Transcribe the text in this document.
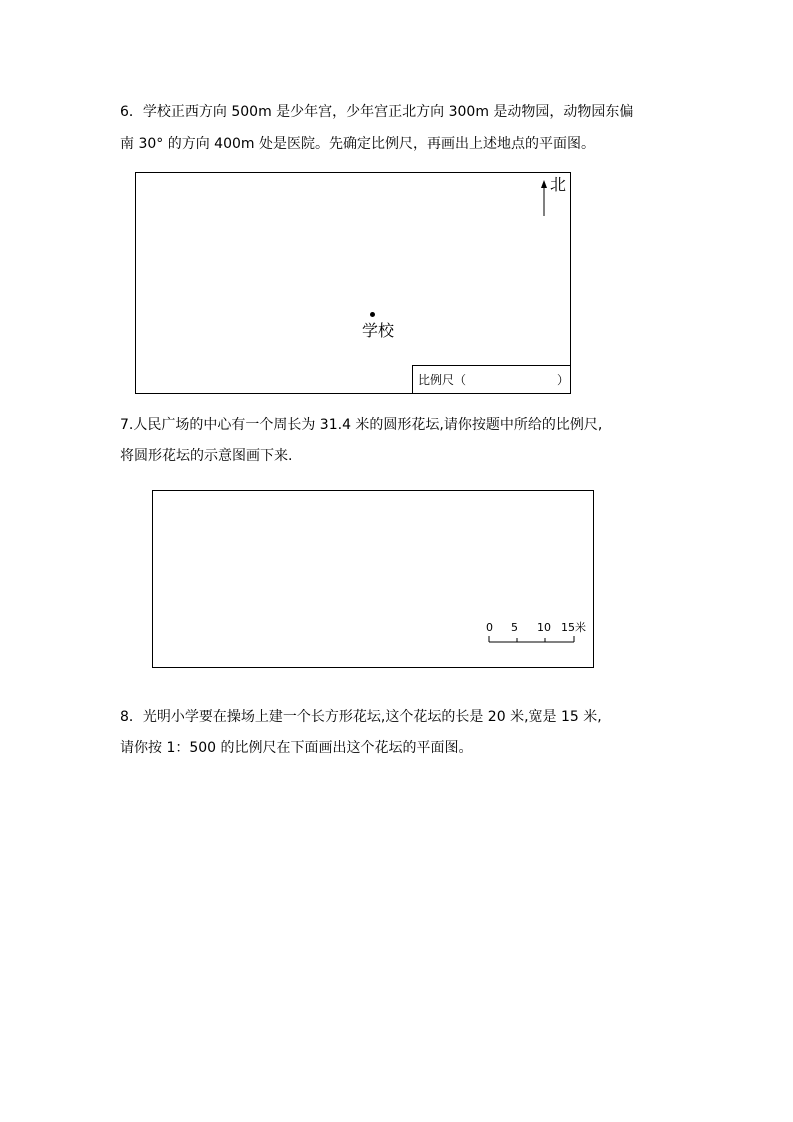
6．学校正西方向 500m 是少年宫，少年宫正北方向 300m 是动物园，动物园东偏
南 30° 的方向 400m 处是医院。先确定比例尺，再画出上述地点的平面图。
北
学校
比例尺（	）
7.人民广场的中心有一个周长为 31.4 米的圆形花坛,请你按题中所给的比例尺,
将圆形花坛的示意图画下来.
0 5 10 15米
8．光明小学要在操场上建一个长方形花坛,这个花坛的长是 20 米,宽是 15 米,
请你按 1：500 的比例尺在下面画出这个花坛的平面图。
